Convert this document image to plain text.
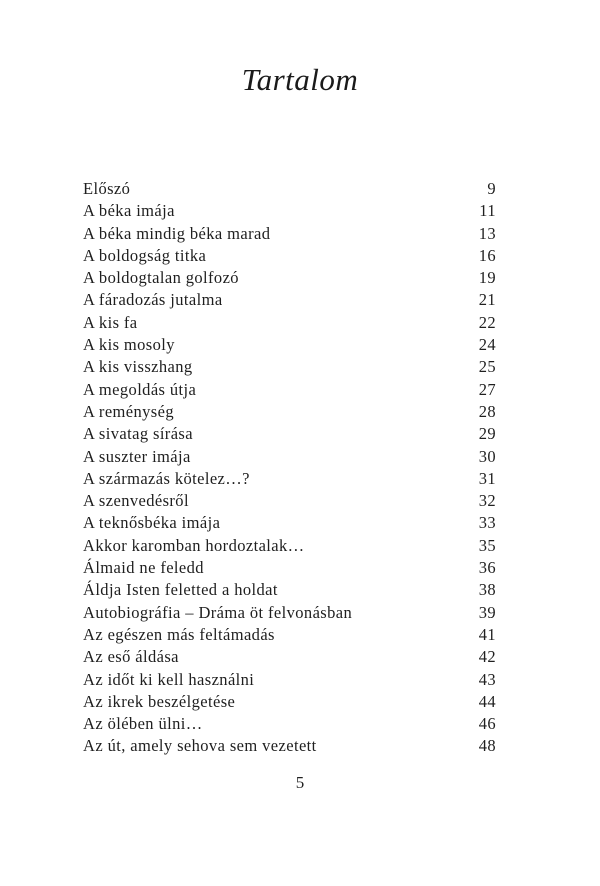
Tartalom
Előszó	9
A béka imája	11
A béka mindig béka marad	13
A boldogság titka	16
A boldogtalan golfozó	19
A fáradozás jutalma	21
A kis fa	22
A kis mosoly	24
A kis visszhang	25
A megoldás útja	27
A reménység	28
A sivatag sírása	29
A suszter imája	30
A származás kötelez…?	31
A szenvedésről	32
A teknősbéka imája	33
Akkor karomban hordoztalak…	35
Álmaid ne feledd	36
Áldja Isten feletted a holdat	38
Autobiográfia – Dráma öt felvonásban	39
Az egészen más feltámadás	41
Az eső áldása	42
Az időt ki kell használni	43
Az ikrek beszélgetése	44
Az ölében ülni…	46
Az út, amely sehova sem vezetett	48
5
